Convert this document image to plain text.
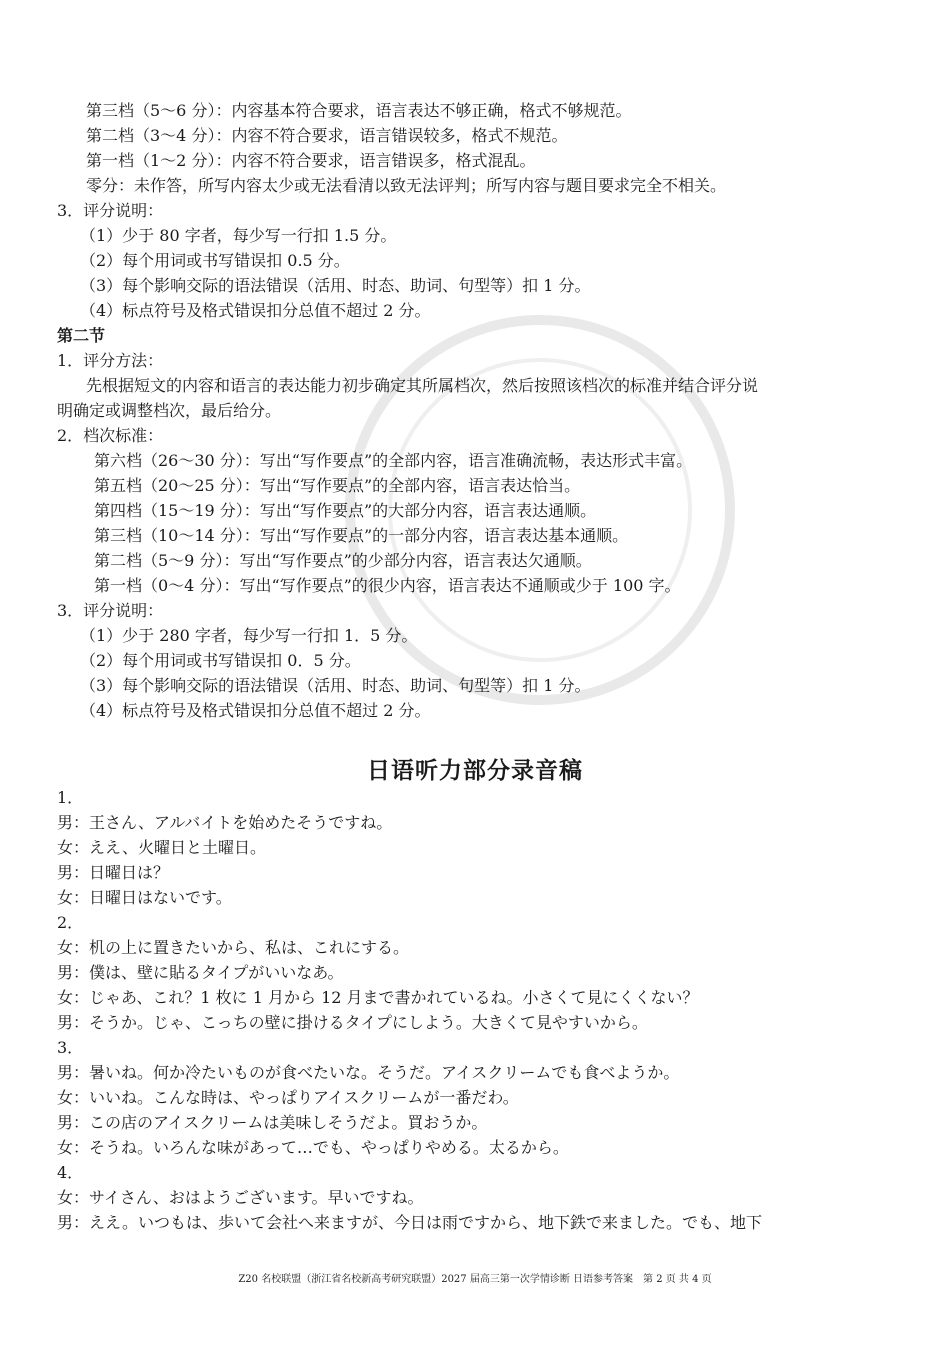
第三档（5～6 分）：内容基本符合要求，语言表达不够正确，格式不够规范。
第二档（3～4 分）：内容不符合要求，语言错误较多，格式不规范。
第一档（1～2 分）：内容不符合要求，语言错误多，格式混乱。
零分：未作答，所写内容太少或无法看清以致无法评判；所写内容与题目要求完全不相关。
3．评分说明：
（1）少于 80 字者，每少写一行扣 1.5 分。
（2）每个用词或书写错误扣 0.5 分。
（3）每个影响交际的语法错误（活用、时态、助词、句型等）扣 1 分。
（4）标点符号及格式错误扣分总值不超过 2 分。
第二节
1．评分方法：
先根据短文的内容和语言的表达能力初步确定其所属档次，然后按照该档次的标准并结合评分说
明确定或调整档次，最后给分。
2．档次标准：
第六档（26～30 分）：写出“写作要点”的全部内容，语言准确流畅，表达形式丰富。
第五档（20～25 分）：写出“写作要点”的全部内容，语言表达恰当。
第四档（15～19 分）：写出“写作要点”的大部分内容，语言表达通顺。
第三档（10～14 分）：写出“写作要点”的一部分内容，语言表达基本通顺。
第二档（5～9 分）：写出“写作要点”的少部分内容，语言表达欠通顺。
第一档（0～4 分）：写出“写作要点”的很少内容，语言表达不通顺或少于 100 字。
3．评分说明：
（1）少于 280 字者，每少写一行扣 1．5 分。
（2）每个用词或书写错误扣 0．5 分。
（3）每个影响交际的语法错误（活用、时态、助词、句型等）扣 1 分。
（4）标点符号及格式错误扣分总值不超过 2 分。
日语听力部分录音稿
1．
男：王さん、アルバイトを始めたそうですね。
女：ええ、火曜日と土曜日。
男：日曜日は？
女：日曜日はないです。
2．
女：机の上に置きたいから、私は、これにする。
男：僕は、壁に貼るタイプがいいなあ。
女：じゃあ、これ？1 枚に 1 月から 12 月まで書かれているね。小さくて見にくくない？
男：そうか。じゃ、こっちの壁に掛けるタイプにしよう。大きくて見やすいから。
3．
男：暑いね。何か冷たいものが食べたいな。そうだ。アイスクリームでも食べようか。
女：いいね。こんな時は、やっぱりアイスクリームが一番だわ。
男：この店のアイスクリームは美味しそうだよ。買おうか。
女：そうね。いろんな味があって…でも、やっぱりやめる。太るから。
4．
女：サイさん、おはようございます。早いですね。
男：ええ。いつもは、歩いて会社へ来ますが、今日は雨ですから、地下鉄で来ました。でも、地下
Z20 名校联盟（浙江省名校新高考研究联盟）2027 届高三第一次学情诊断 日语参考答案　第 2 页 共 4 页
